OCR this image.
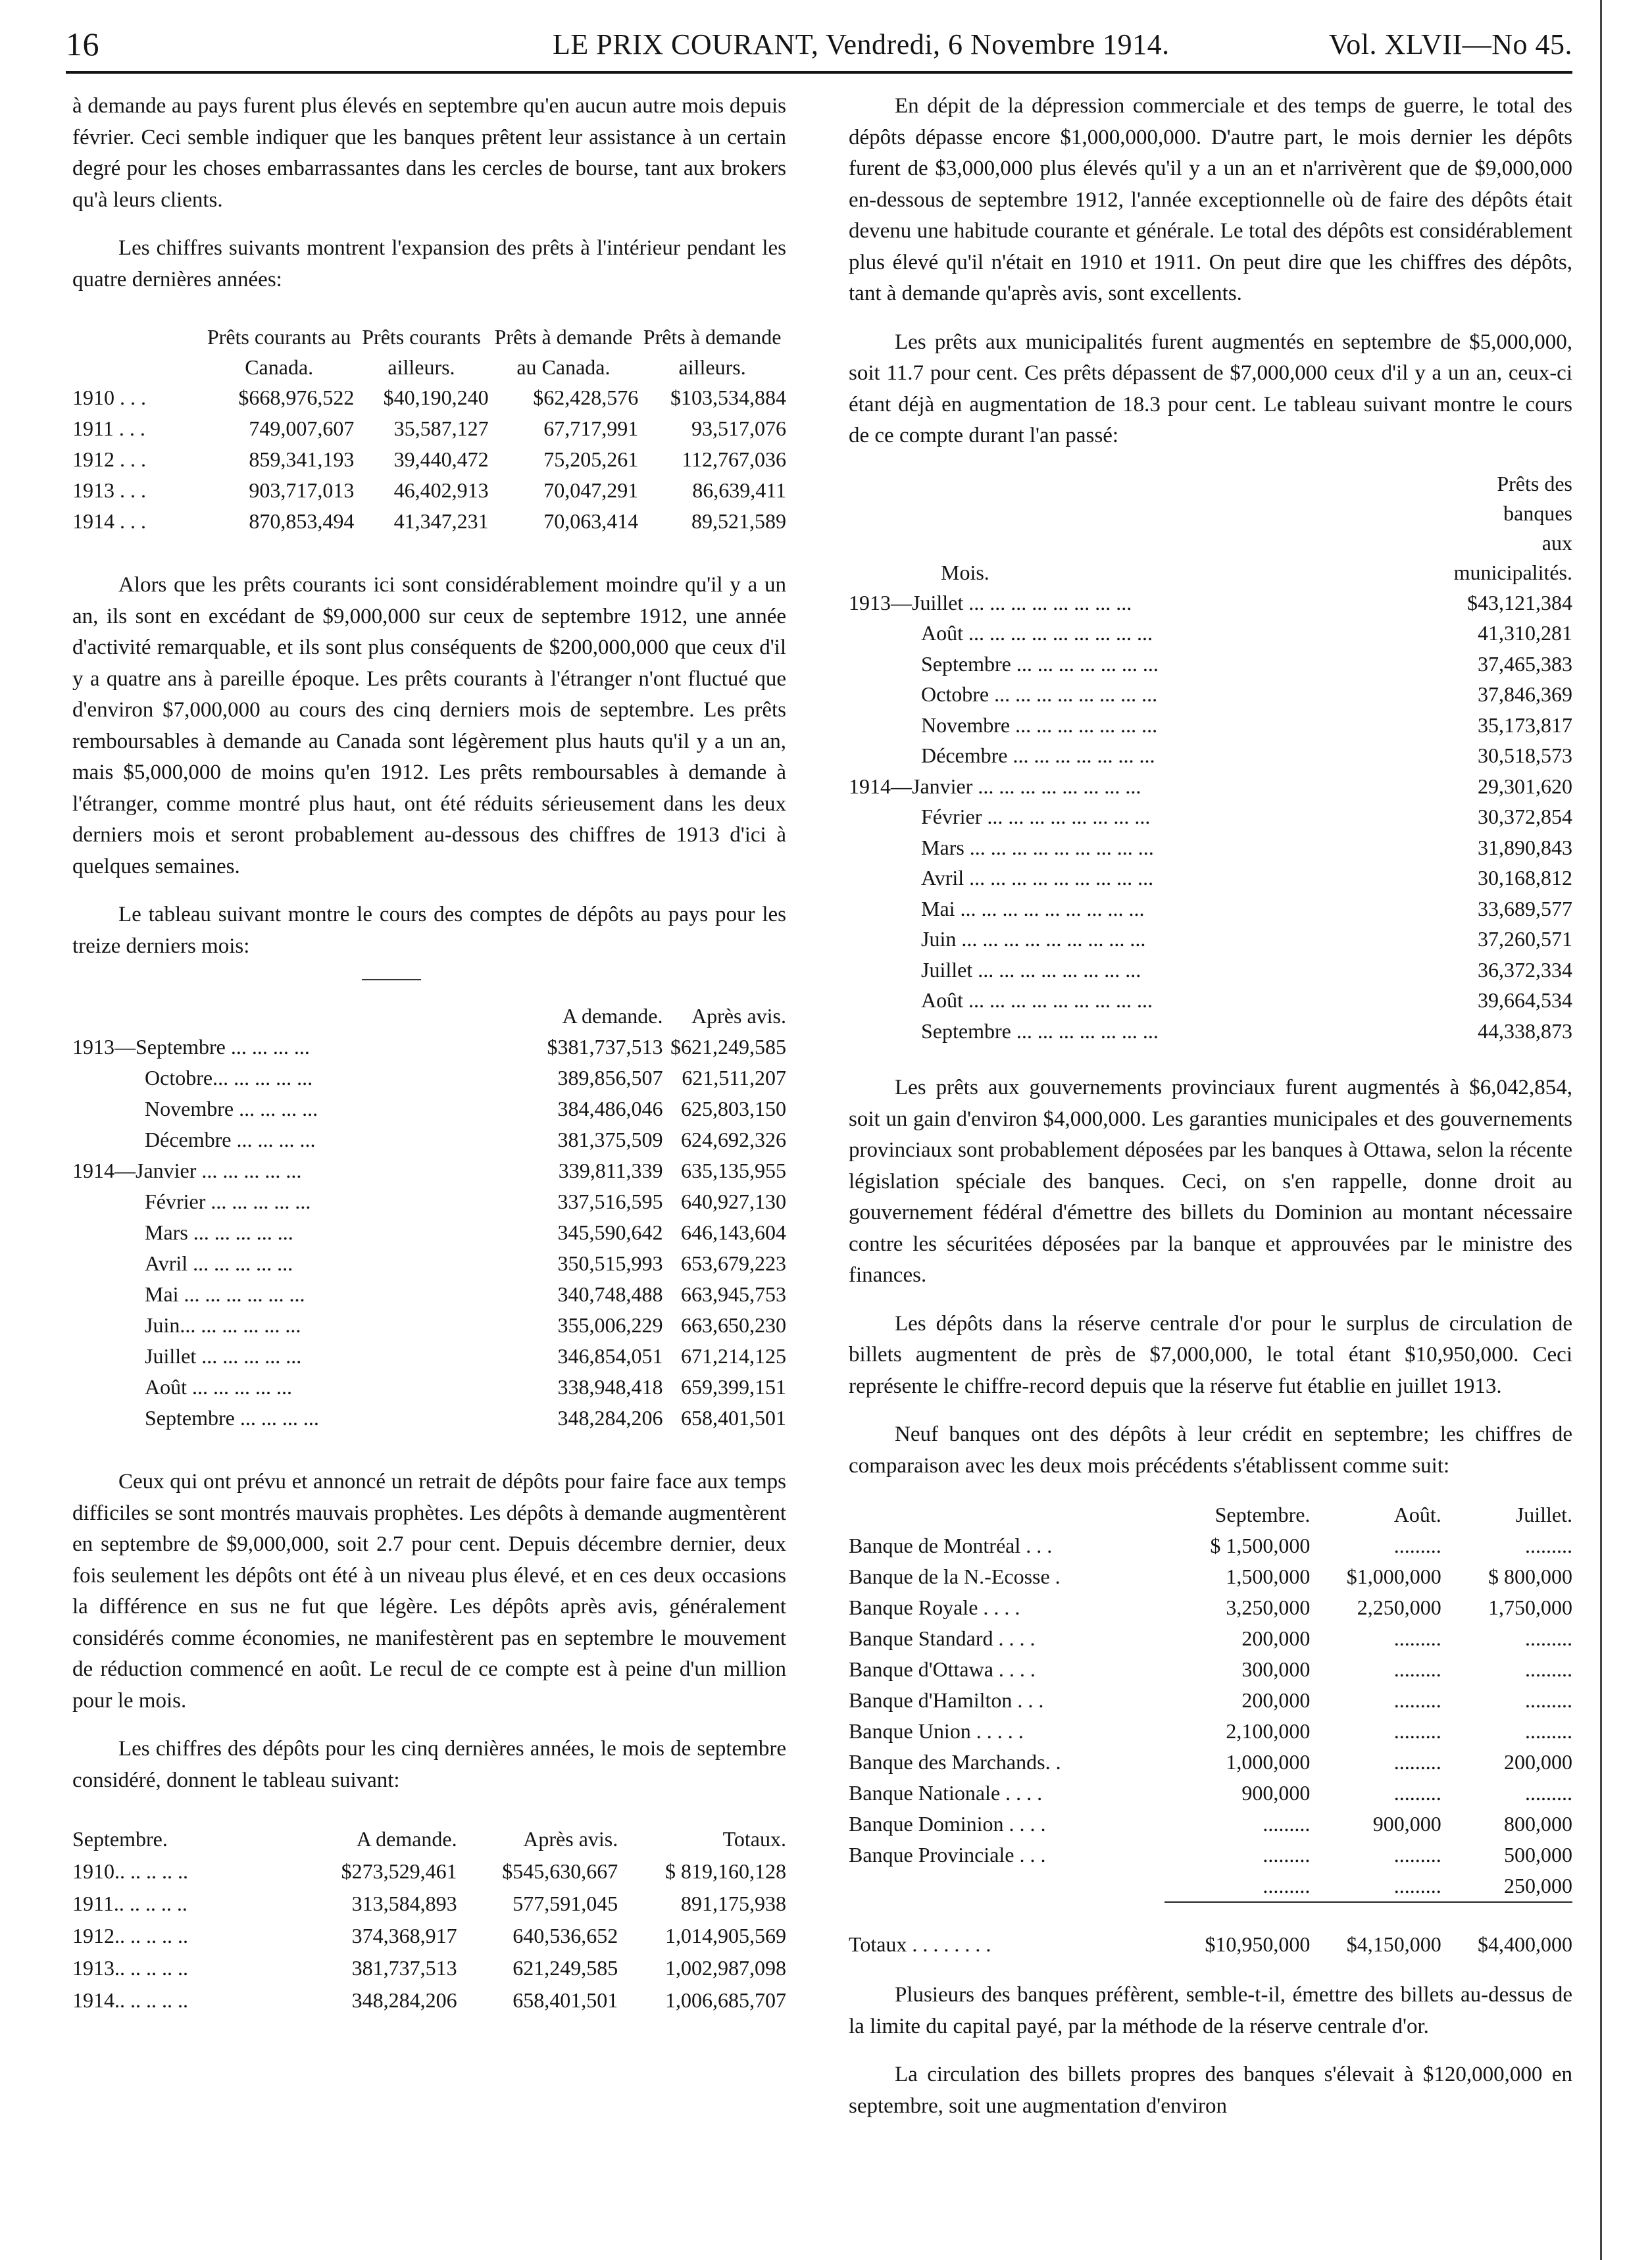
16	LE PRIX COURANT, Vendredi, 6 Novembre 1914.	Vol. XLVII—No 45.

à demande au pays furent plus élevés en septembre qu'en aucun autre mois depuis février. Ceci semble indiquer que les banques prêtent leur assistance à un certain degré pour les choses embarrassantes dans les cercles de bourse, tant aux brokers qu'à leurs clients.

Les chiffres suivants montrent l'expansion des prêts à l'intérieur pendant les quatre dernières années:

	Prêts courants au Canada.	Prêts courants ailleurs.	Prêts à demande au Canada.	Prêts à demande ailleurs.
1910 . . .	$668,976,522	$40,190,240	$62,428,576	$103,534,884
1911 . . .	749,007,607	35,587,127	67,717,991	93,517,076
1912 . . .	859,341,193	39,440,472	75,205,261	112,767,036
1913 . . .	903,717,013	46,402,913	70,047,291	86,639,411
1914 . . .	870,853,494	41,347,231	70,063,414	89,521,589

Alors que les prêts courants ici sont considérablement moindre qu'il y a un an, ils sont en excédant de $9,000,000 sur ceux de septembre 1912, une année d'activité remarquable, et ils sont plus conséquents de $200,000,000 que ceux d'il y a quatre ans à pareille époque. Les prêts courants à l'étranger n'ont fluctué que d'environ $7,000,000 au cours des cinq derniers mois de septembre. Les prêts remboursables à demande au Canada sont légèrement plus hauts qu'il y a un an, mais $5,000,000 de moins qu'en 1912. Les prêts remboursables à demande à l'étranger, comme montré plus haut, ont été réduits sérieusement dans les deux derniers mois et seront probablement au-dessous des chiffres de 1913 d'ici à quelques semaines.

Le tableau suivant montre le cours des comptes de dépôts au pays pour les treize derniers mois:

	A demande.	Après avis.
1913—Septembre ... ... ... ...	$381,737,513	$621,249,585
Octobre... ... ... ... ...	389,856,507	621,511,207
Novembre ... ... ... ...	384,486,046	625,803,150
Décembre ... ... ... ...	381,375,509	624,692,326
1914—Janvier ... ... ... ... ...	339,811,339	635,135,955
Février ... ... ... ... ...	337,516,595	640,927,130
Mars ... ... ... ... ...	345,590,642	646,143,604
Avril ... ... ... ... ...	350,515,993	653,679,223
Mai ... ... ... ... ... ...	340,748,488	663,945,753
Juin... ... ... ... ... ...	355,006,229	663,650,230
Juillet ... ... ... ... ...	346,854,051	671,214,125
Août ... ... ... ... ...	338,948,418	659,399,151
Septembre ... ... ... ...	348,284,206	658,401,501

Ceux qui ont prévu et annoncé un retrait de dépôts pour faire face aux temps difficiles se sont montrés mauvais prophètes. Les dépôts à demande augmentèrent en septembre de $9,000,000, soit 2.7 pour cent. Depuis décembre dernier, deux fois seulement les dépôts ont été à un niveau plus élevé, et en ces deux occasions la différence en sus ne fut que légère. Les dépôts après avis, généralement considérés comme économies, ne manifestèrent pas en septembre le mouvement de réduction commencé en août. Le recul de ce compte est à peine d'un million pour le mois.

Les chiffres des dépôts pour les cinq dernières années, le mois de septembre considéré, donnent le tableau suivant:

Septembre.	A demande.	Après avis.	Totaux.
1910.. .. .. .. ..	$273,529,461	$545,630,667	$ 819,160,128
1911.. .. .. .. ..	313,584,893	577,591,045	891,175,938
1912.. .. .. .. ..	374,368,917	640,536,652	1,014,905,569
1913.. .. .. .. ..	381,737,513	621,249,585	1,002,987,098
1914.. .. .. .. ..	348,284,206	658,401,501	1,006,685,707

En dépit de la dépression commerciale et des temps de guerre, le total des dépôts dépasse encore $1,000,000,000. D'autre part, le mois dernier les dépôts furent de $3,000,000 plus élevés qu'il y a un an et n'arrivèrent que de $9,000,000 en-dessous de septembre 1912, l'année exceptionnelle où de faire des dépôts était devenu une habitude courante et générale. Le total des dépôts est considérablement plus élevé qu'il n'était en 1910 et 1911. On peut dire que les chiffres des dépôts, tant à demande qu'après avis, sont excellents.

Les prêts aux municipalités furent augmentés en septembre de $5,000,000, soit 11.7 pour cent. Ces prêts dépassent de $7,000,000 ceux d'il y a un an, ceux-ci étant déjà en augmentation de 18.3 pour cent. Le tableau suivant montre le cours de ce compte durant l'an passé:

	Prêts des banques
Mois.	aux municipalités.
1913—Juillet ... ... ... ... ... ... ... ...	$43,121,384
Août ... ... ... ... ... ... ... ... ...	41,310,281
Septembre ... ... ... ... ... ... ...	37,465,383
Octobre ... ... ... ... ... ... ... ...	37,846,369
Novembre ... ... ... ... ... ... ...	35,173,817
Décembre ... ... ... ... ... ... ...	30,518,573
1914—Janvier ... ... ... ... ... ... ... ...	29,301,620
Février ... ... ... ... ... ... ... ...	30,372,854
Mars ... ... ... ... ... ... ... ... ...	31,890,843
Avril ... ... ... ... ... ... ... ... ...	30,168,812
Mai ... ... ... ... ... ... ... ... ...	33,689,577
Juin ... ... ... ... ... ... ... ... ...	37,260,571
Juillet ... ... ... ... ... ... ... ...	36,372,334
Août ... ... ... ... ... ... ... ... ...	39,664,534
Septembre ... ... ... ... ... ... ...	44,338,873

Les prêts aux gouvernements provinciaux furent augmentés à $6,042,854, soit un gain d'environ $4,000,000. Les garanties municipales et des gouvernements provinciaux sont probablement déposées par les banques à Ottawa, selon la récente législation spéciale des banques. Ceci, on s'en rappelle, donne droit au gouvernement fédéral d'émettre des billets du Dominion au montant nécessaire contre les sécuritées déposées par la banque et approuvées par le ministre des finances.

Les dépôts dans la réserve centrale d'or pour le surplus de circulation de billets augmentent de près de $7,000,000, le total étant $10,950,000. Ceci représente le chiffre-record depuis que la réserve fut établie en juillet 1913.

Neuf banques ont des dépôts à leur crédit en septembre; les chiffres de comparaison avec les deux mois précédents s'établissent comme suit:

	Septembre.	Août.	Juillet.
Banque de Montréal . . .	$ 1,500,000	.........	.........
Banque de la N.-Ecosse .	1,500,000	$1,000,000	$ 800,000
Banque Royale . . . .	3,250,000	2,250,000	1,750,000
Banque Standard . . . .	200,000	.........	.........
Banque d'Ottawa . . . .	300,000	.........	.........
Banque d'Hamilton . . .	200,000	.........	.........
Banque Union . . . . .	2,100,000	.........	.........
Banque des Marchands. .	1,000,000	.........	200,000
Banque Nationale . . . .	900,000	.........	.........
Banque Dominion . . . .	.........	900,000	800,000
Banque Provinciale . . .	.........	.........	500,000
	.........	.........	250,000
Totaux . . . . . . . .	$10,950,000	$4,150,000	$4,400,000

Plusieurs des banques préfèrent, semble-t-il, émettre des billets au-dessus de la limite du capital payé, par la méthode de la réserve centrale d'or.

La circulation des billets propres des banques s'élevait à $120,000,000 en septembre, soit une augmentation d'environ
